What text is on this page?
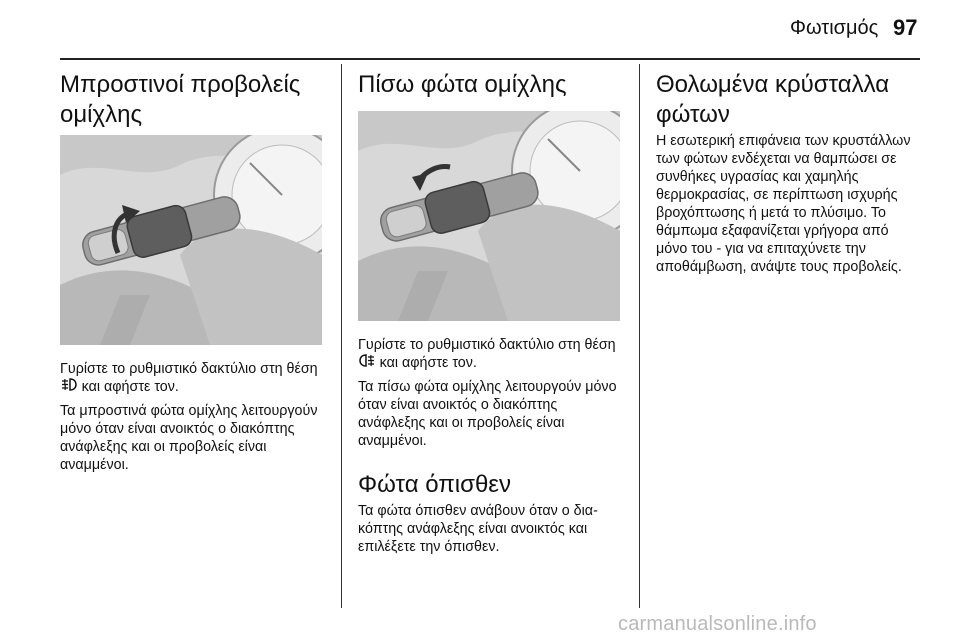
Φωτισμός 97
Μπροστινοί προβολείς ομίχλης

Γυρίστε το ρυθμιστικό δακτύλιο στη θέση  και αφήστε τον.

Τα μπροστινά φώτα ομίχλης λειτουργούν μόνο όταν είναι ανοικτός ο διακόπτης ανάφλεξης και οι προβολείς είναι αναμμένοι.

Πίσω φώτα ομίχλης

Γυρίστε το ρυθμιστικό δακτύλιο στη θέση  και αφήστε τον.

Τα πίσω φώτα ομίχλης λειτουργούν μόνο όταν είναι ανοικτός ο διακόπτης ανάφλεξης και οι προβολείς είναι αναμμένοι.

Φώτα όπισθεν

Τα φώτα όπισθεν ανάβουν όταν ο διακόπτης ανάφλεξης είναι ανοικτός και επιλέξετε την όπισθεν.

Θολωμένα κρύσταλλα φώτων

Η εσωτερική επιφάνεια των κρυστάλλων των φώτων ενδέχεται να θαμπώσει σε συνθήκες υγρασίας και χαμηλής θερμοκρασίας, σε περίπτωση ισχυρής βροχόπτωσης ή μετά το πλύσιμο. Το θάμπωμα εξαφανίζεται γρήγορα από μόνο του - για να επιταχύνετε την αποθάμβωση, ανάψτε τους προβολείς.

carmanualsonline.info
